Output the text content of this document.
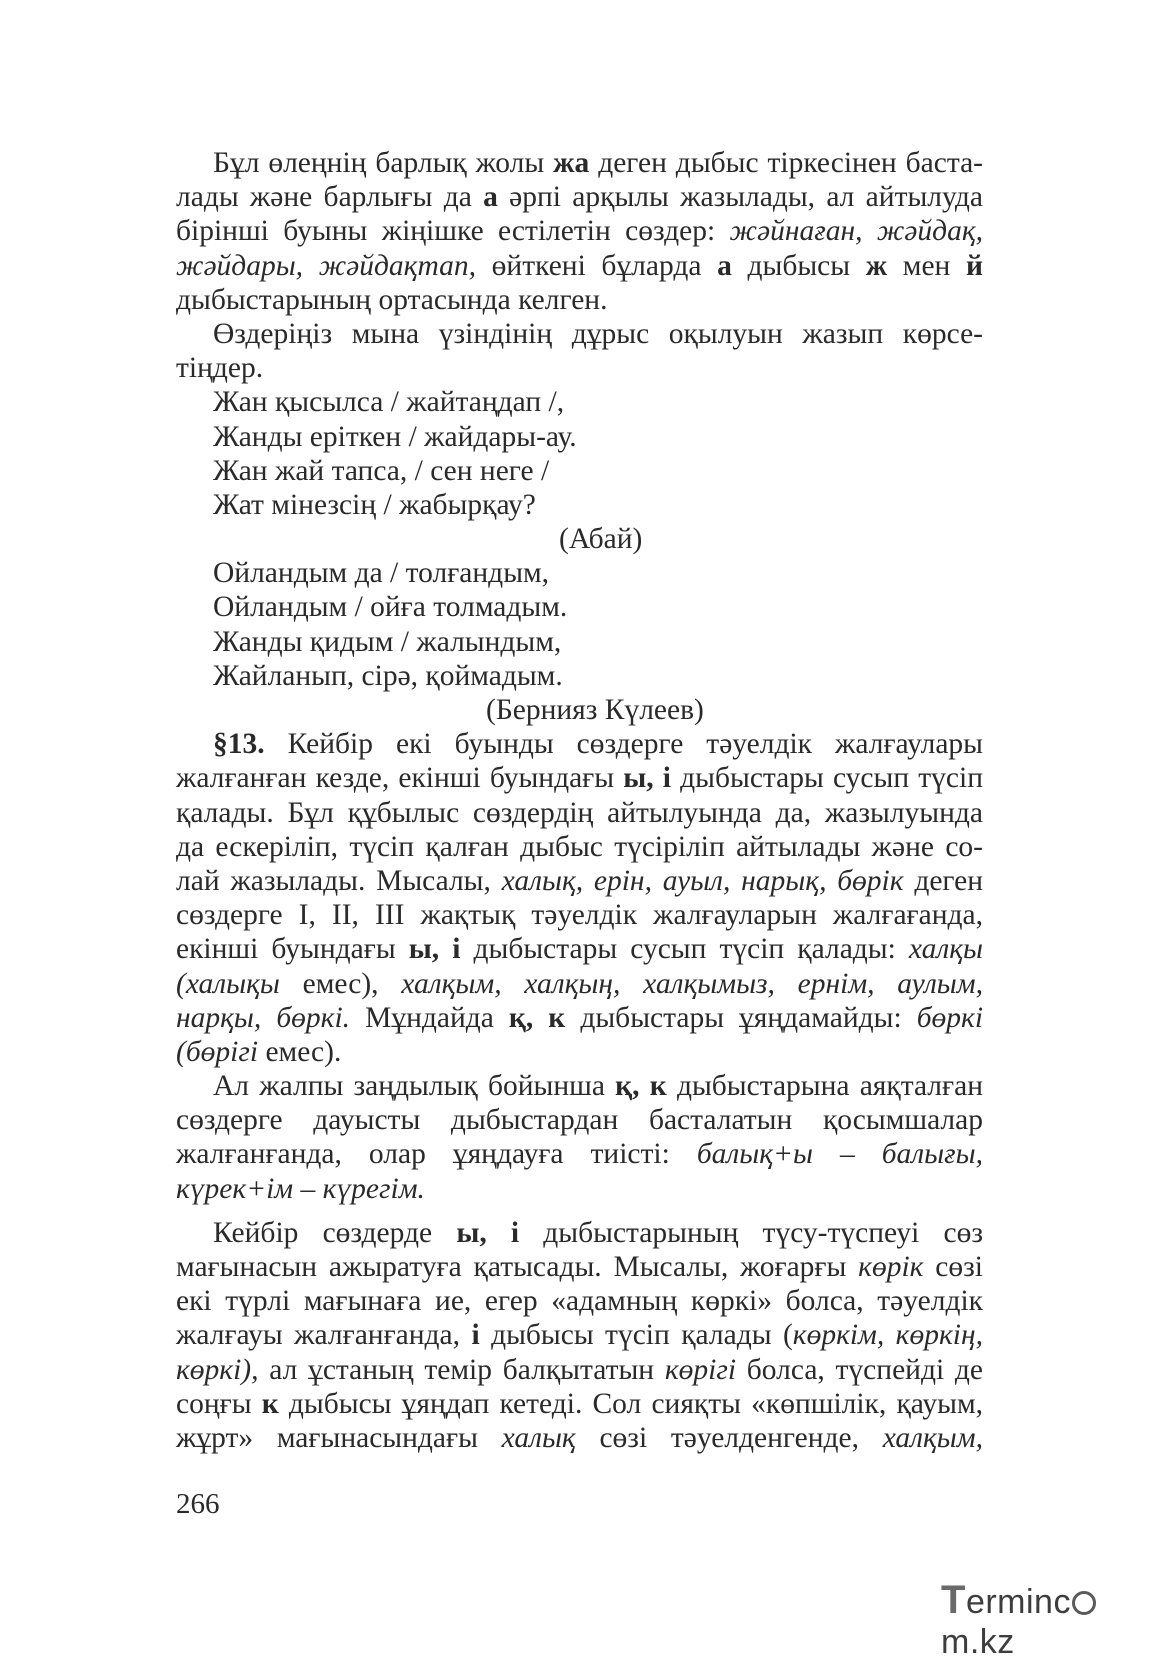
Бұл өлеңнің барлық жолы жа деген дыбыс тіркесінен баста-
лады және барлығы да а әрпі арқылы жазылады, ал айтылуда
бірінші буыны жіңішке естілетін сөздер: жәйнаған, жәйдақ,
жәйдары, жәйдақтап, өйткені бұларда а дыбысы ж мен й
дыбыстарының ортасында келген.
Өздеріңіз мына үзіндінің дұрыс оқылуын жазып көрсе-
тіңдер.
Жан қысылса / жайтаңдап /,
Жанды еріткен / жайдары-ау.
Жан жай тапса, / сен неге /
Жат мінезсің / жабырқау?
(Абай)
Ойландым да / толғандым,
Ойландым / ойға толмадым.
Жанды қидым / жалындым,
Жайланып, сірә, қоймадым.
(Бернияз Күлеев)
§13. Кейбір екі буынды сөздерге тәуелдік жалғаулары
жалғанған кезде, екінші буындағы ы, і дыбыстары сусып түсіп
қалады. Бұл құбылыс сөздердің айтылуында да, жазылуында
да ескеріліп, түсіп қалған дыбыс түсіріліп айтылады және со-
лай жазылады. Мысалы, халық, ерін, ауыл, нарық, бөрік деген
сөздерге I, II, III жақтық тәуелдік жалғауларын жалғағанда,
екінші буындағы ы, і дыбыстары сусып түсіп қалады: халқы
(халықы емес), халқым, халқың, халқымыз, ернім, аулым,
нарқы, бөркі. Мұндайда қ, к дыбыстары ұяңдамайды: бөркі
(бөрігі емес).
Ал жалпы заңдылық бойынша қ, к дыбыстарына аяқталған
сөздерге дауысты дыбыстардан басталатын қосымшалар
жалғанғанда, олар ұяңдауға тиісті: балық+ы – балығы,
күрек+ім – күрегім.
Кейбір сөздерде ы, і дыбыстарының түсу-түспеуі сөз
мағынасын ажыратуға қатысады. Мысалы, жоғарғы көрік сөзі
екі түрлі мағынаға ие, егер «адамның көркі» болса, тәуелдік
жалғауы жалғанғанда, і дыбысы түсіп қалады (көркім, көркің,
көркі), ал ұстаның темір балқытатын көрігі болса, түспейді де
соңғы к дыбысы ұяңдап кетеді. Сол сияқты «көпшілік, қауым,
жұрт» мағынасындағы халық сөзі тәуелденгенде, халқым,
266
Termincm.kz
